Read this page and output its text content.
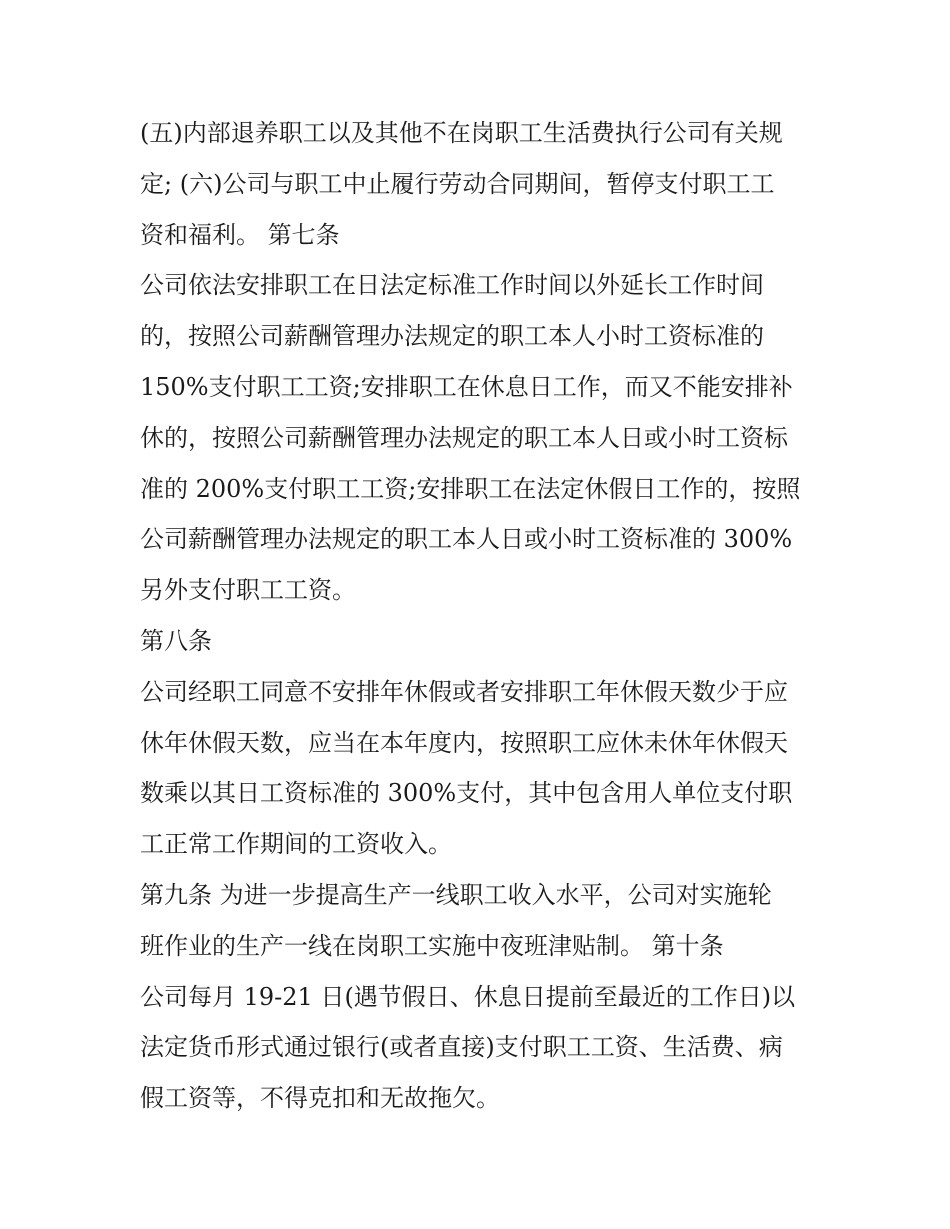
(五)内部退养职工以及其他不在岗职工生活费执行公司有关规
定; (六)公司与职工中止履行劳动合同期间，暂停支付职工工
资和福利。 第七条
公司依法安排职工在日法定标准工作时间以外延长工作时间
的，按照公司薪酬管理办法规定的职工本人小时工资标准的
150%支付职工工资;安排职工在休息日工作，而又不能安排补
休的，按照公司薪酬管理办法规定的职工本人日或小时工资标
准的 200%支付职工工资;安排职工在法定休假日工作的，按照
公司薪酬管理办法规定的职工本人日或小时工资标准的 300%
另外支付职工工资。
第八条
公司经职工同意不安排年休假或者安排职工年休假天数少于应
休年休假天数，应当在本年度内，按照职工应休未休年休假天
数乘以其日工资标准的 300%支付，其中包含用人单位支付职
工正常工作期间的工资收入。
第九条 为进一步提高生产一线职工收入水平，公司对实施轮
班作业的生产一线在岗职工实施中夜班津贴制。 第十条
公司每月 19-21 日(遇节假日、休息日提前至最近的工作日)以
法定货币形式通过银行(或者直接)支付职工工资、生活费、病
假工资等，不得克扣和无故拖欠。
